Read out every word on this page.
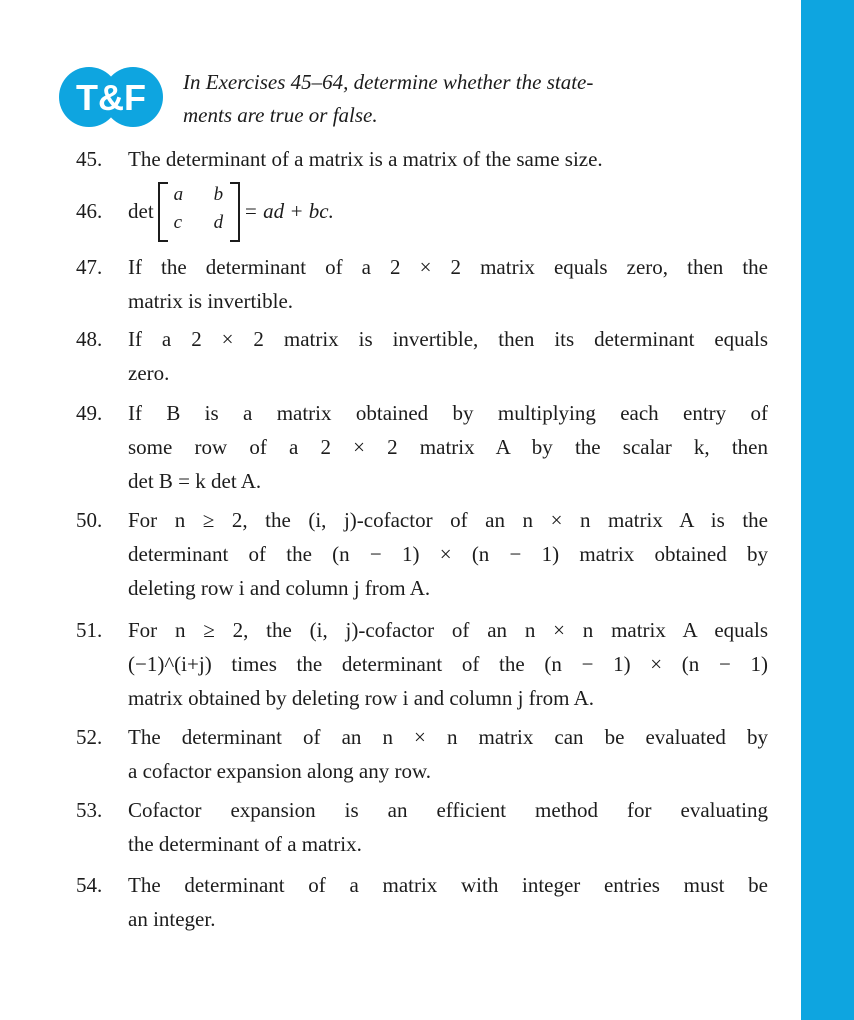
T&F In Exercises 45–64, determine whether the state-
ments are true or false.
45. The determinant of a matrix is a matrix of the same size.
46. det
a b
c d = ad + bc.
47. If the determinant of a 2 × 2 matrix equals zero, then the
matrix is invertible.
48. If a 2 × 2 matrix is invertible, then its determinant equals
zero.
49. If B is a matrix obtained by multiplying each entry of
some row of a 2 × 2 matrix A by the scalar k, then
det B = k det A.
50. For n ≥ 2, the (i, j)-cofactor of an n × n matrix A is the
determinant of the (n − 1) × (n − 1) matrix obtained by
deleting row i and column j from A.
51. For n ≥ 2, the (i, j)-cofactor of an n × n matrix A equals
(−1)^(i+j) times the determinant of the (n − 1) × (n − 1)
matrix obtained by deleting row i and column j from A.
52. The determinant of an n × n matrix can be evaluated by
a cofactor expansion along any row.
53. Cofactor expansion is an efficient method for evaluating
the determinant of a matrix.
54. The determinant of a matrix with integer entries must be
an integer.
